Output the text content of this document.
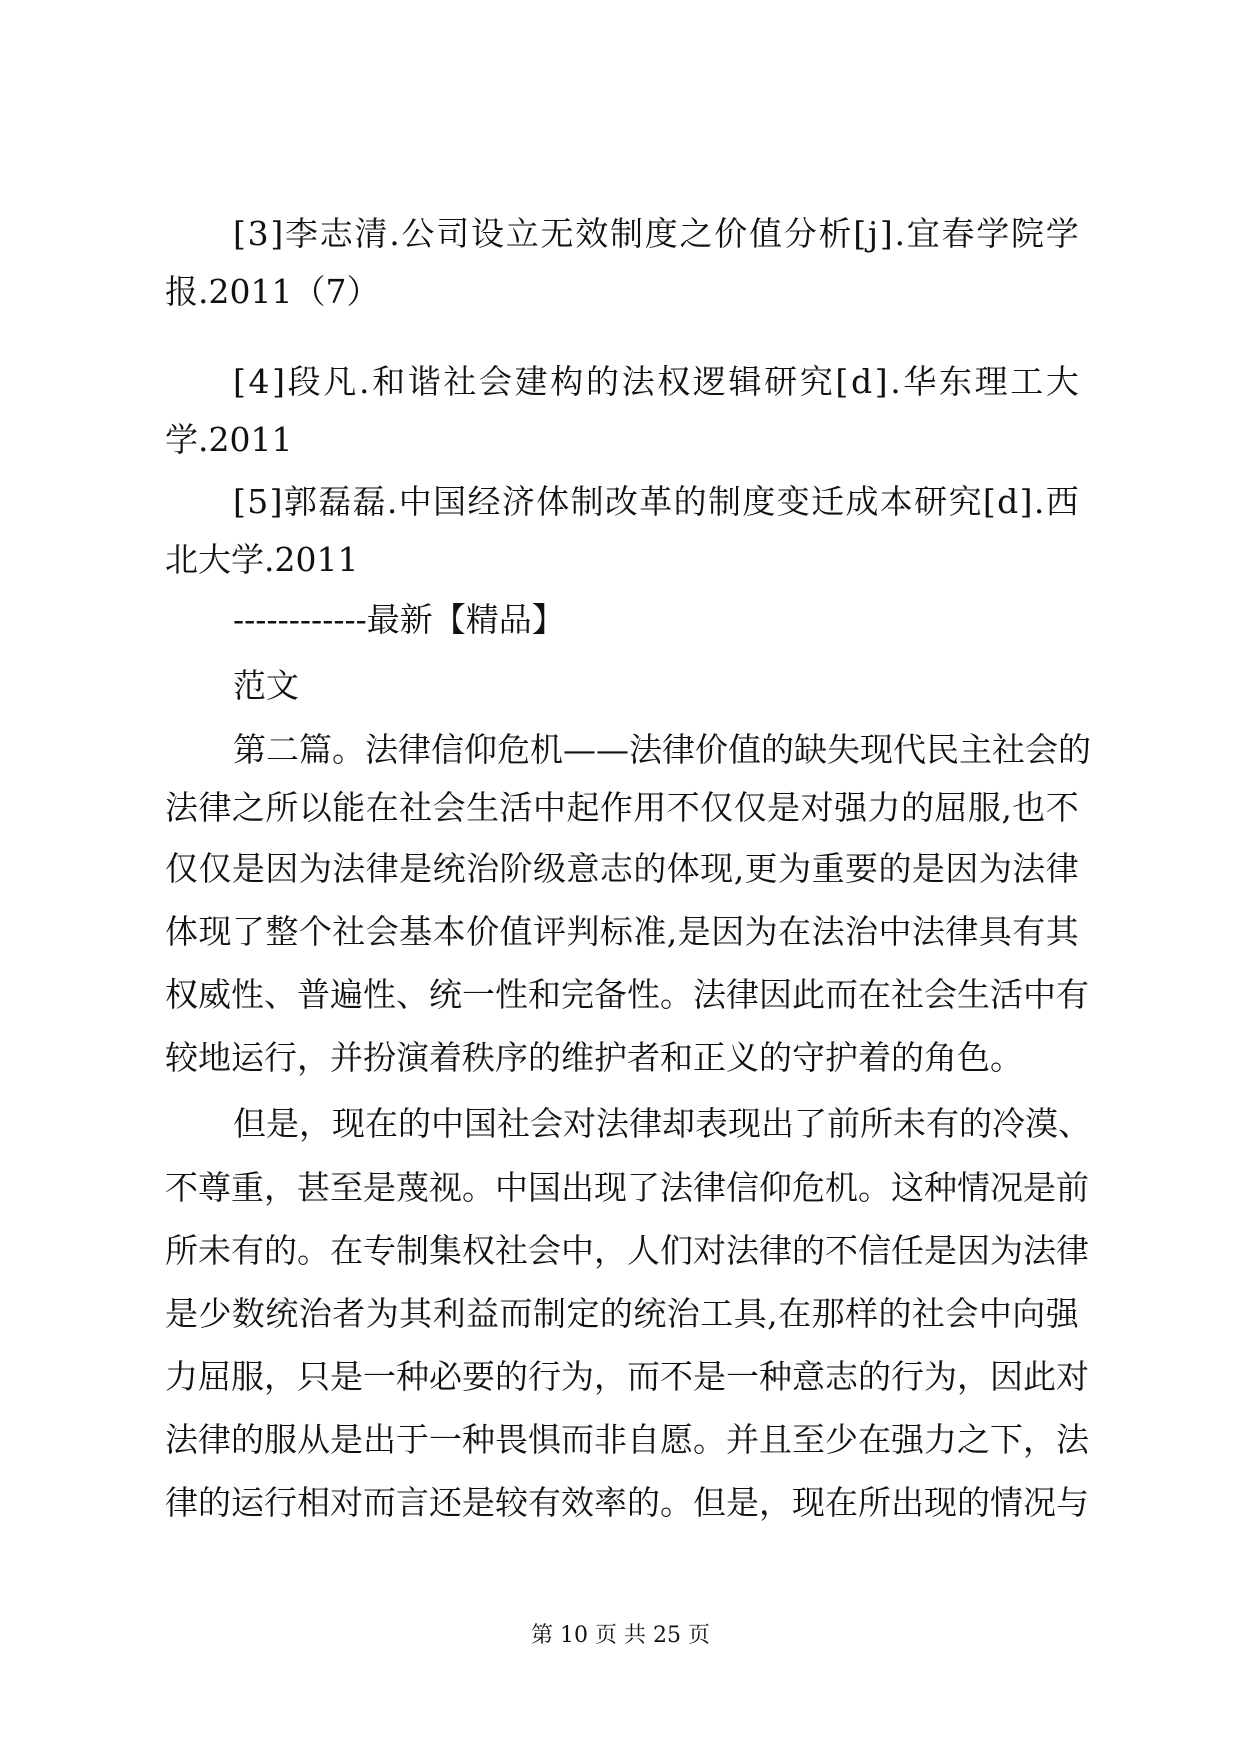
[ 3 ] 李 志 清 . 公 司 设 立 无 效 制 度 之 价 值 分 析 [ j ] . 宜 春 学 院 学
报.2011（7）
[ 4 ] 段 凡 . 和 谐 社 会 建 构 的 法 权 逻 辑 研 究 [ d ] . 华 东 理 工 大
学.2011
[ 5 ] 郭 磊 磊 . 中 国 经 济 体 制 改 革 的 制 度 变 迁 成 本 研 究 [ d ] . 西
北大学.2011
------------最新【精品】
范文
第 二 篇 。 法 律 信 仰 危 机 — — 法 律 价 值 的 缺 失 现 代 民 主 社 会 的
法 律 之 所 以 能 在 社 会 生 活 中 起 作 用 不 仅 仅 是 对 强 力 的 屈 服 , 也 不
仅 仅 是 因 为 法 律 是 统 治 阶 级 意 志 的 体 现 , 更 为 重 要 的 是 因 为 法 律
体 现 了 整 个 社 会 基 本 价 值 评 判 标 准 , 是 因 为 在 法 治 中 法 律 具 有 其
权 威 性 、 普 遍 性 、 统 一 性 和 完 备 性 。 法 律 因 此 而 在 社 会 生 活 中 有
较地运行，并扮演着秩序的维护者和正义的守护着的角色。
但 是 ， 现 在 的 中 国 社 会 对 法 律 却 表 现 出 了 前 所 未 有 的 冷 漠 、
不 尊 重 ， 甚 至 是 蔑 视 。 中 国 出 现 了 法 律 信 仰 危 机 。 这 种 情 况 是 前
所 未 有 的 。 在 专 制 集 权 社 会 中 ， 人 们 对 法 律 的 不 信 任 是 因 为 法 律
是 少 数 统 治 者 为 其 利 益 而 制 定 的 统 治 工 具 , 在 那 样 的 社 会 中 向 强
力 屈 服 ， 只 是 一 种 必 要 的 行 为 ， 而 不 是 一 种 意 志 的 行 为 ， 因 此 对
法 律 的 服 从 是 出 于 一 种 畏 惧 而 非 自 愿 。 并 且 至 少 在 强 力 之 下 ， 法
律 的 运 行 相 对 而 言 还 是 较 有 效 率 的 。 但 是 ， 现 在 所 出 现 的 情 况 与
第 10 页 共 25 页
